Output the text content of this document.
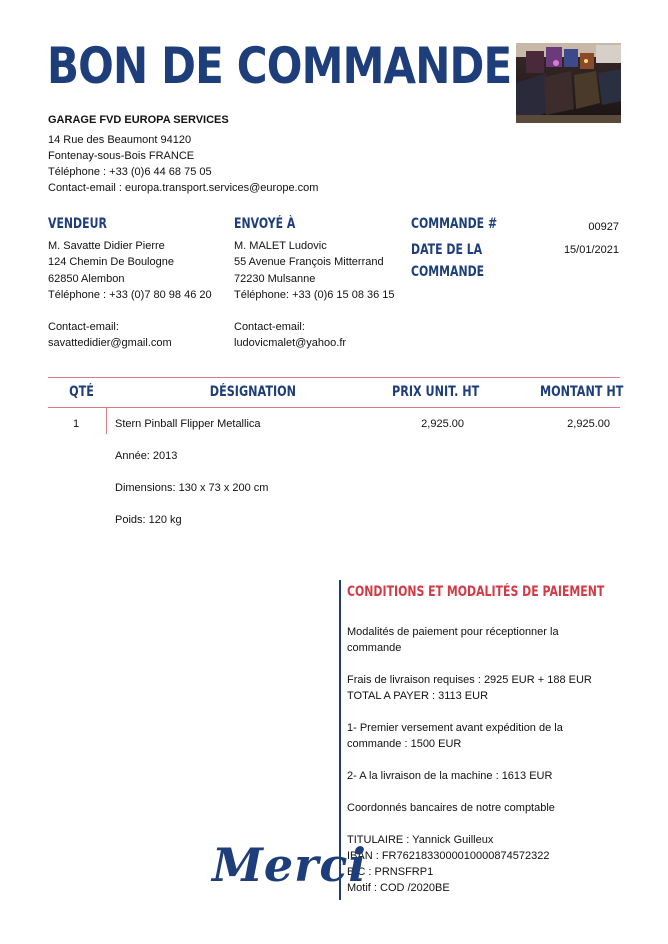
BON DE COMMANDE
GARAGE FVD EUROPA SERVICES
14 Rue des Beaumont 94120
Fontenay-sous-Bois FRANCE
Téléphone : +33 (0)6 44 68 75 05
Contact-email : europa.transport.services@europe.com
VENDEUR
M. Savatte Didier Pierre
124 Chemin De Boulogne
62850 Alembon
Téléphone : +33 (0)7 80 98 46 20
Contact-email:
savattedidier@gmail.com
ENVOYÉ À
M. MALET Ludovic
55 Avenue François Mitterrand
72230 Mulsanne
Téléphone: +33 (0)6 15 08 36 15
Contact-email:
ludovicmalet@yahoo.fr
COMMANDE #	00927
DATE DE LA
COMMANDE
15/01/2021
QTÉ	DÉSIGNATION	PRIX UNIT. HT	MONTANT HT
1	Stern Pinball Flipper Metallica	2,925.00	2,925.00
Année: 2013
Dimensions: 130 x 73 x 200 cm
Poids: 120 kg
CONDITIONS ET MODALITÉS DE PAIEMENT

Modalités de paiement pour réceptionner la
commande

Frais de livraison requises : 2925 EUR + 188 EUR
TOTAL A PAYER : 3113 EUR

1- Premier versement avant expédition de la
commande : 1500 EUR

2- A la livraison de la machine : 1613 EUR

Coordonnés bancaires de notre comptable

TITULAIRE : Yannick Guilleux
IBAN : FR7621833000010000874572322
BIC : PRNSFRP1
Motif : COD /2020BE

Merci
